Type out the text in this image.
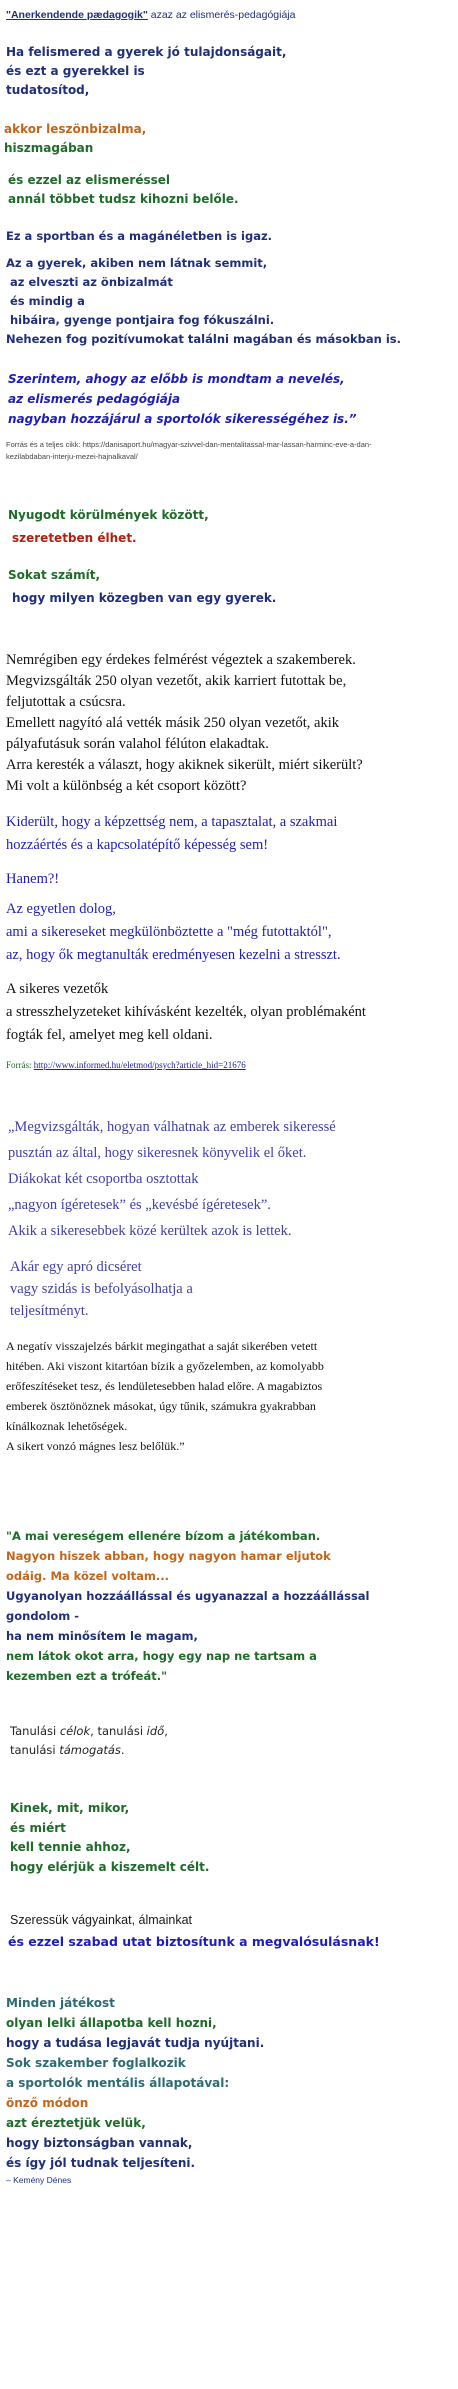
"Anerkendende pædagogik" azaz az elismerés-pedagógiája
Ha felismered a gyerek jó tulajdonságait,
és ezt a gyerekkel is
tudatosítod,
akkor leszönbizalma,
hiszmagában
és ezzel az elismeréssel
annál többet tudsz kihozni belőle.
Ez a sportban és a magánéletben is igaz.
Az a gyerek, akiben nem látnak semmit,
az elveszti az önbizalmát
és mindig a
hibáira, gyenge pontjaira fog fókuszálni.
Nehezen fog pozitívumokat találni magában és másokban is.
Szerintem, ahogy az előbb is mondtam a nevelés,
az elismerés pedagógiája
nagyban hozzájárul a sportolók sikerességéhez is.”
Forrás és a teljes cikk: https://danisaport.hu/magyar-szivvel-dan-mentalitassal-mar-lassan-harminc-eve-a-dan-
kezilabdaban-interju-mezei-hajnalkaval/
Nyugodt körülmények között,
szeretetben élhet.
Sokat számít,
hogy milyen közegben van egy gyerek.
Nemrégiben egy érdekes felmérést végeztek a szakemberek.
Megvizsgálták 250 olyan vezetőt, akik karriert futottak be,
feljutottak a csúcsra.
Emellett nagyító alá vették másik 250 olyan vezetőt, akik
pályafutásuk során valahol félúton elakadtak.
Arra keresték a választ, hogy akiknek sikerült, miért sikerült?
Mi volt a különbség a két csoport között?
Kiderült, hogy a képzettség nem, a tapasztalat, a szakmai
hozzáértés és a kapcsolatépítő képesség sem!
Hanem?!
Az egyetlen dolog,
ami a sikereseket megkülönböztette a "még futottaktól",
az, hogy ők megtanulták eredményesen kezelni a stresszt.
A sikeres vezetők
a stresszhelyzeteket kihívásként kezelték, olyan problémaként
fogták fel, amelyet meg kell oldani.
Forrás: http://www.informed.hu/eletmod/psych?article_hid=21676
„Megvizsgálták, hogyan válhatnak az emberek sikeressé
pusztán az által, hogy sikeresnek könyvelik el őket.
Diákokat két csoportba osztottak
„nagyon ígéretesek” és „kevésbé ígéretesek”.
Akik a sikeresebbek közé kerültek azok is lettek.
Akár egy apró dicséret
vagy szidás is befolyásolhatja a
teljesítményt.
A negatív visszajelzés bárkit megingathat a saját sikerében vetett
hitében. Aki viszont kitartóan bízik a győzelemben, az komolyabb
erőfeszítéseket tesz, és lendületesebben halad előre. A magabiztos
emberek ösztönöznek másokat, úgy tűnik, számukra gyakrabban
kínálkoznak lehetőségek.
A sikert vonzó mágnes lesz belőlük.”
"A mai vereségem ellenére bízom a játékomban.
Nagyon hiszek abban, hogy nagyon hamar eljutok
odáig. Ma közel voltam...
Ugyanolyan hozzáállással és ugyanazzal a hozzáállással
gondolom -
ha nem minősítem le magam,
nem látok okot arra, hogy egy nap ne tartsam a
kezemben ezt a trófeát."
Tanulási célok, tanulási idő,
tanulási támogatás.
Kinek, mit, mikor,
és miért
kell tennie ahhoz,
hogy elérjük a kiszemelt célt.
Szeressük vágyainkat, álmainkat
és ezzel szabad utat biztosítunk a megvalósulásnak!
Minden játékost
olyan lelki állapotba kell hozni,
hogy a tudása legjavát tudja nyújtani.
Sok szakember foglalkozik
a sportolók mentális állapotával:
önző módon
azt éreztetjük velük,
hogy biztonságban vannak,
és így jól tudnak teljesíteni.
– Kemény Dénes
